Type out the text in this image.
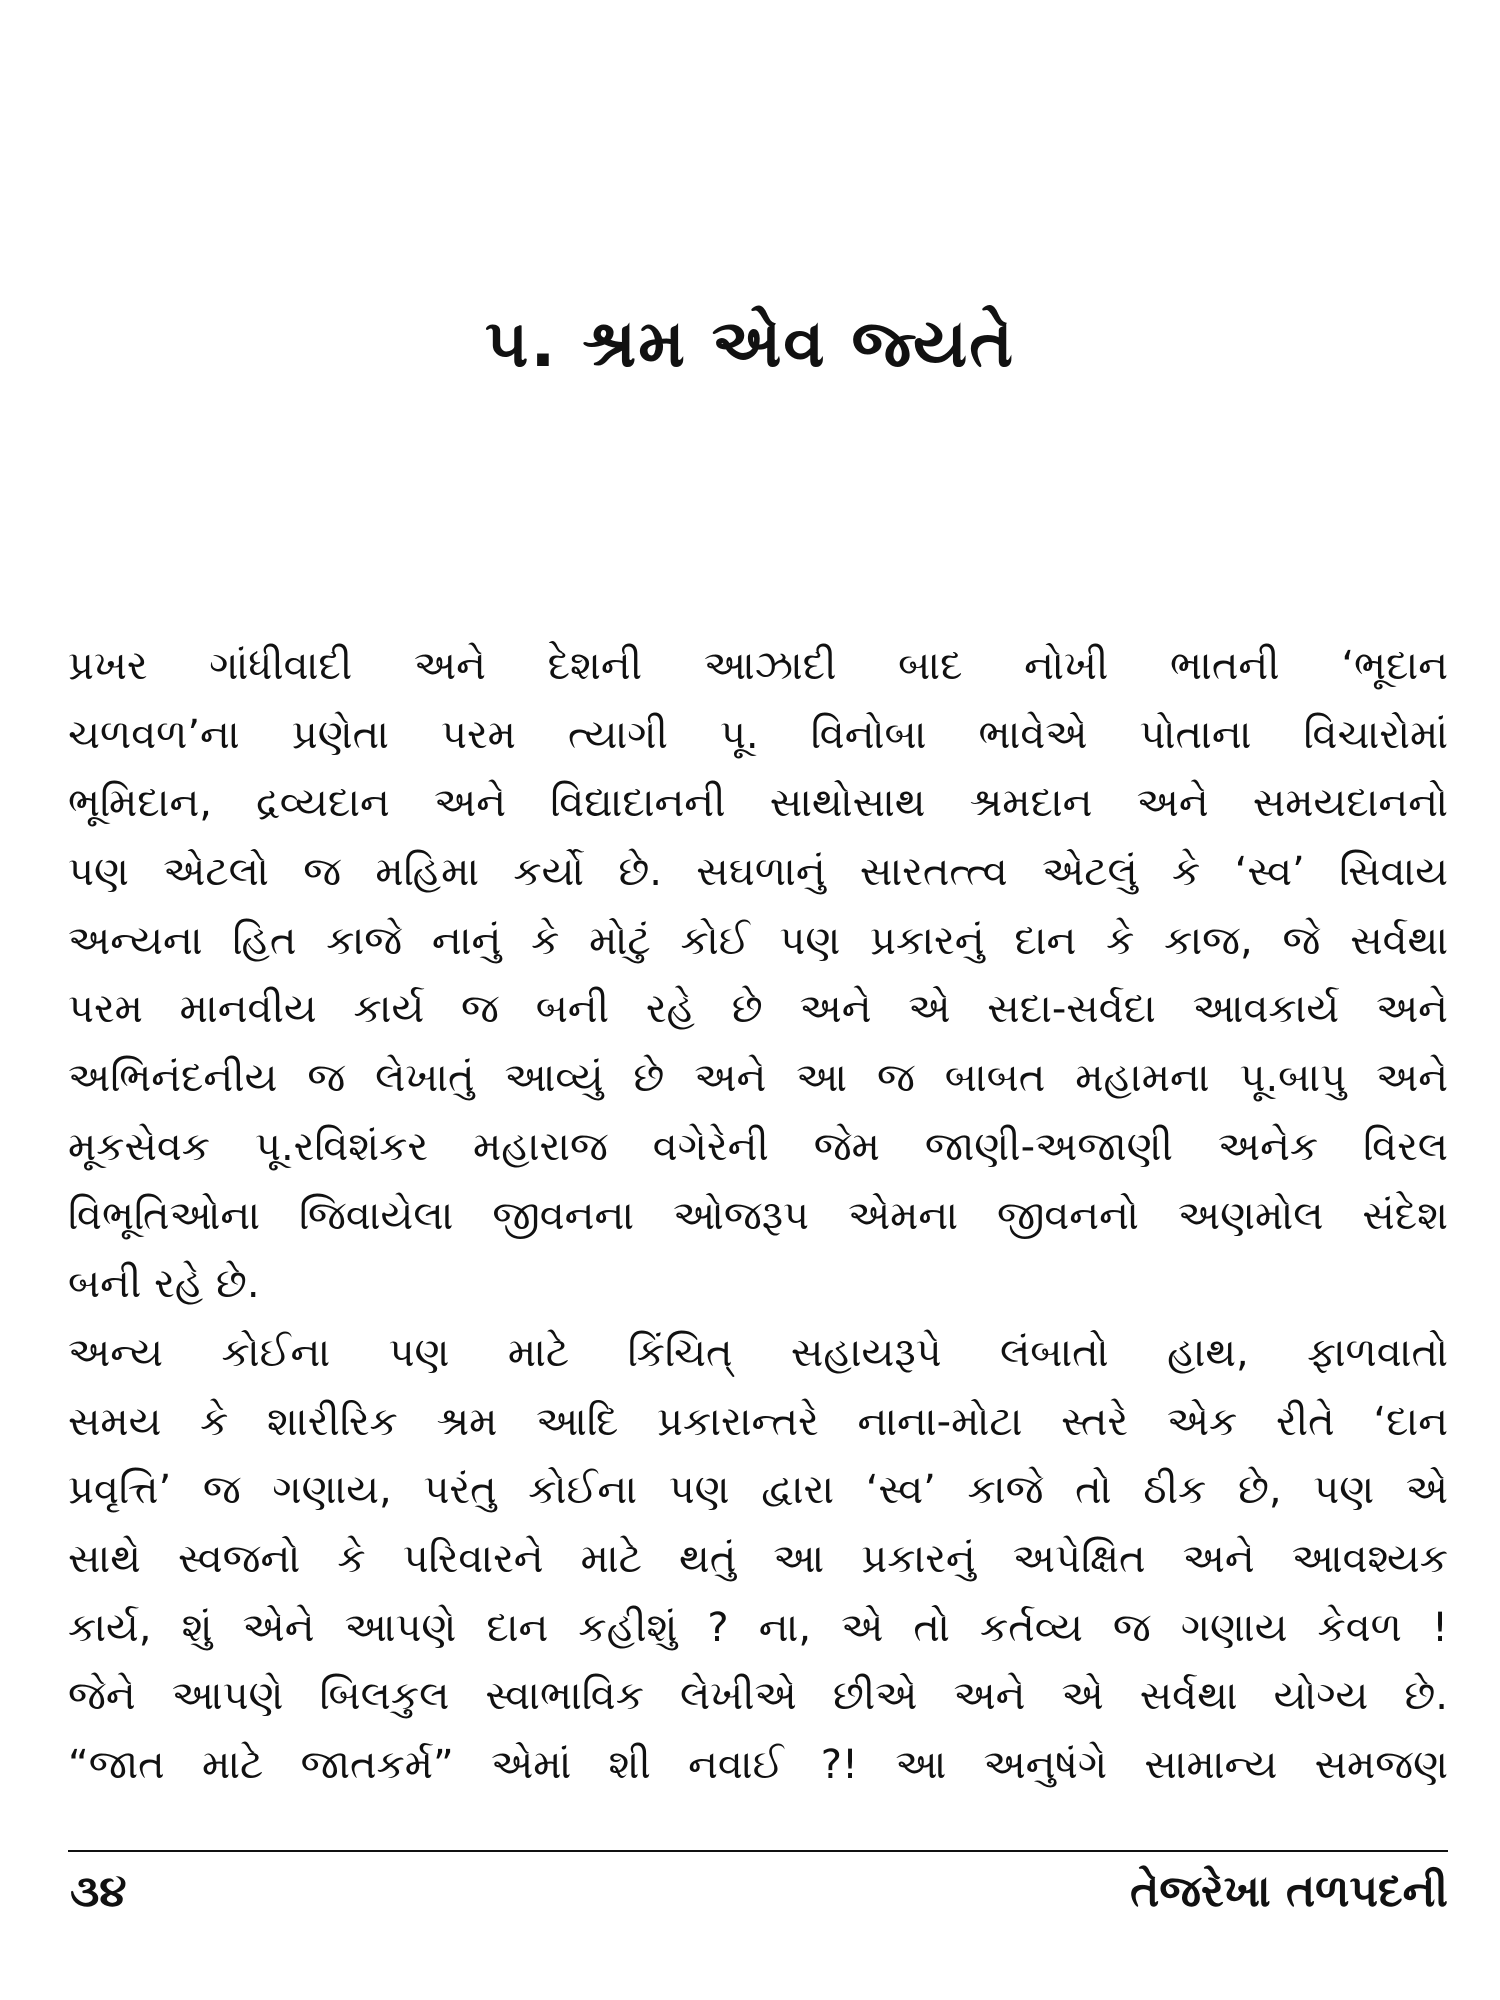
૫. શ્રમ એવ જ્યતે
પ્રખર ગાંધીવાદી અને દેશની આઝાદી બાદ નોખી ભાતની ‘ભૂદાન
ચળવળ’ના પ્રણેતા પરમ ત્યાગી પૂ. વિનોબા ભાવેએ પોતાના વિચારોમાં
ભૂમિદાન, દ્રવ્યદાન અને વિદ્યાદાનની સાથોસાથ શ્રમદાન અને સમયદાનનો
પણ એટલો જ મહિમા કર્યો છે. સઘળાનું સારતત્ત્વ એટલું કે ‘સ્વ’ સિવાય
અન્યના હિત કાજે નાનું કે મોટું કોઈ પણ પ્રકારનું દાન કે કાજ, જે સર્વથા
પરમ માનવીય કાર્ય જ બની રહે છે અને એ સદા-સર્વદા આવકાર્ય અને
અભિનંદનીય જ લેખાતું આવ્યું છે અને આ જ બાબત મહામના પૂ.બાપુ અને
મૂકસેવક પૂ.રવિશંકર મહારાજ વગેરેની જેમ જાણી-અજાણી અનેક વિરલ
વિભૂતિઓના જિવાયેલા જીવનના ઓજરૂપ એમના જીવનનો અણમોલ સંદેશ
બની રહે છે.
અન્ય કોઈના પણ માટે કિંચિત્ સહાયરૂપે લંબાતો હાથ, ફાળવાતો
સમય કે શારીરિક શ્રમ આદિ પ્રકારાન્તરે નાના-મોટા સ્તરે એક રીતે ‘દાન
પ્રવૃત્તિ’ જ ગણાય, પરંતુ કોઈના પણ દ્વારા ‘સ્વ’ કાજે તો ઠીક છે, પણ એ
સાથે સ્વજનો કે પરિવારને માટે થતું આ પ્રકારનું અપેક્ષિત અને આવશ્યક
કાર્ય, શું એને આપણે દાન કહીશું ? ના, એ તો કર્તવ્ય જ ગણાય કેવળ !
જેને આપણે બિલકુલ સ્વાભાવિક લેખીએ છીએ અને એ સર્વથા યોગ્ય છે.
“જાત માટે જાતકર્મ” એમાં શી નવાઈ ?! આ અનુષંગે સામાન્ય સમજણ
૩૪	તેજરેખા તળપદની
